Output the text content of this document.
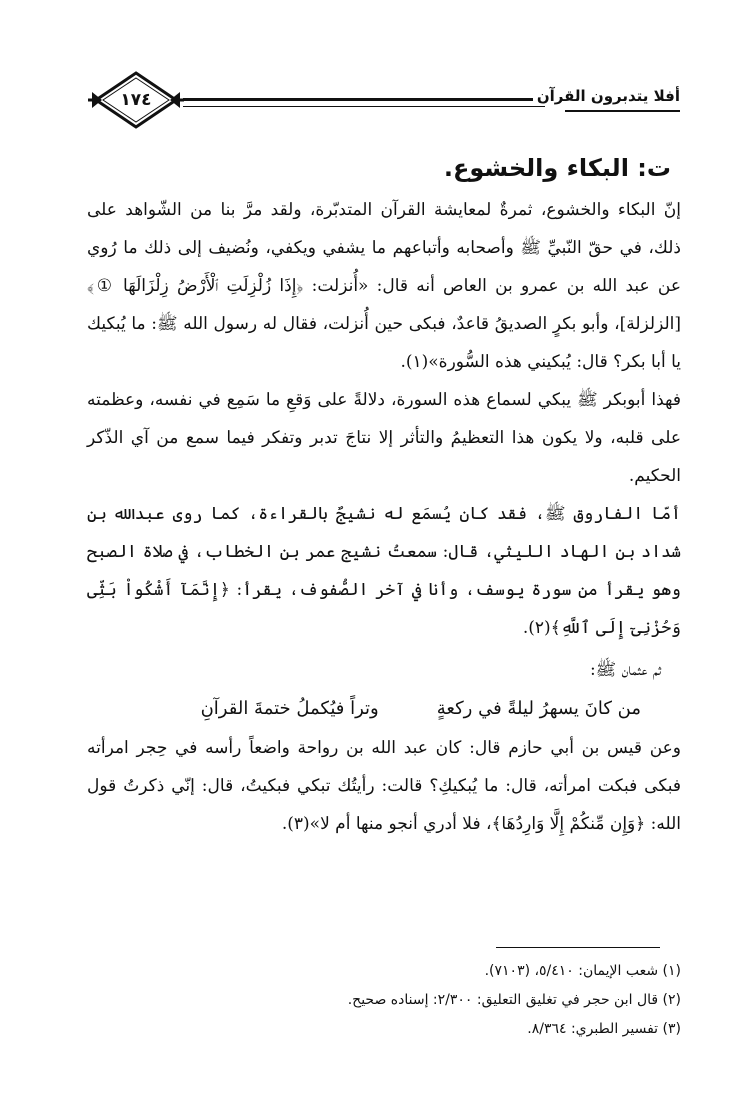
أفلا يتدبرون القرآن
١٧٤
ت: البكاء والخشوع.

إنّ البكاء والخشوع، ثمرةٌ لمعايشة القرآن المتدبّرة، ولقد مرَّ بنا من الشّواهد على ذلك، في حقّ النّبيِّ ﷺ وأصحابه وأتباعهم ما يشفي ويكفي، ونُضيف إلى ذلك ما رُوي عن عبد الله بن عمرو بن العاص أنه قال: «أُنزلت: ﴿إِذَا زُلْزِلَتِ ٱلْأَرْضُ زِلْزَالَهَا ①﴾ [الزلزلة]، وأبو بكرٍ الصديقُ قاعدٌ، فبكى حين أُنزلت، فقال له رسول الله ﷺ: ما يُبكيك يا أبا بكر؟ قال: يُبكيني هذه السُّورة»(١).

فهذا أبوبكر ﷺ يبكي لسماع هذه السورة، دلالةً على وَقعِ ما سَمِع في نفسه، وعظمته على قلبه، ولا يكون هذا التعظيمُ والتأثر إلا نتاجَ تدبر وتفكر فيما سمع من آي الذّكر الحكيم.

أمّا الفاروق ﷺ، فقد كان يُسمَع له نشيجٌ بالقراءة، كما روى عبدالله بن شداد بن الهاد الليثي، قال: سمعتُ نشيج عمر بن الخطاب، في صلاة الصبح وهو يقرأ من سورة يوسف، وأنا في آخر الصُّفوف، يقرأ: ﴿إِنَّمَآ أَشْكُواْ بَثِّى وَحُزْنِىٓ إِلَى ٱللَّهِ﴾(٢).

ثم عثمان ﷺ:

من كانَ يسهرُ ليلةً في ركعةٍ
وتراً فيُكملُ ختمةَ القرآنِ

وعن قيس بن أبي حازم قال: كان عبد الله بن رواحة واضعاً رأسه في حِجر امرأته فبكى فبكت امرأته، قال: ما يُبكيكِ؟ قالت: رأيتُك تبكي فبكيتُ، قال: إنّي ذكرتُ قول الله: ﴿وَإِن مِّنكُمْ إِلَّا وَارِدُهَا﴾، فلا أدري أنجو منها أم لا»(٣).

(١) شعب الإيمان: ٥/٤١٠، (٧١٠٣).

(٢) قال ابن حجر في تغليق التعليق: ٢/٣٠٠: إسناده صحيح.

(٣) تفسير الطبري: ٨/٣٦٤.
